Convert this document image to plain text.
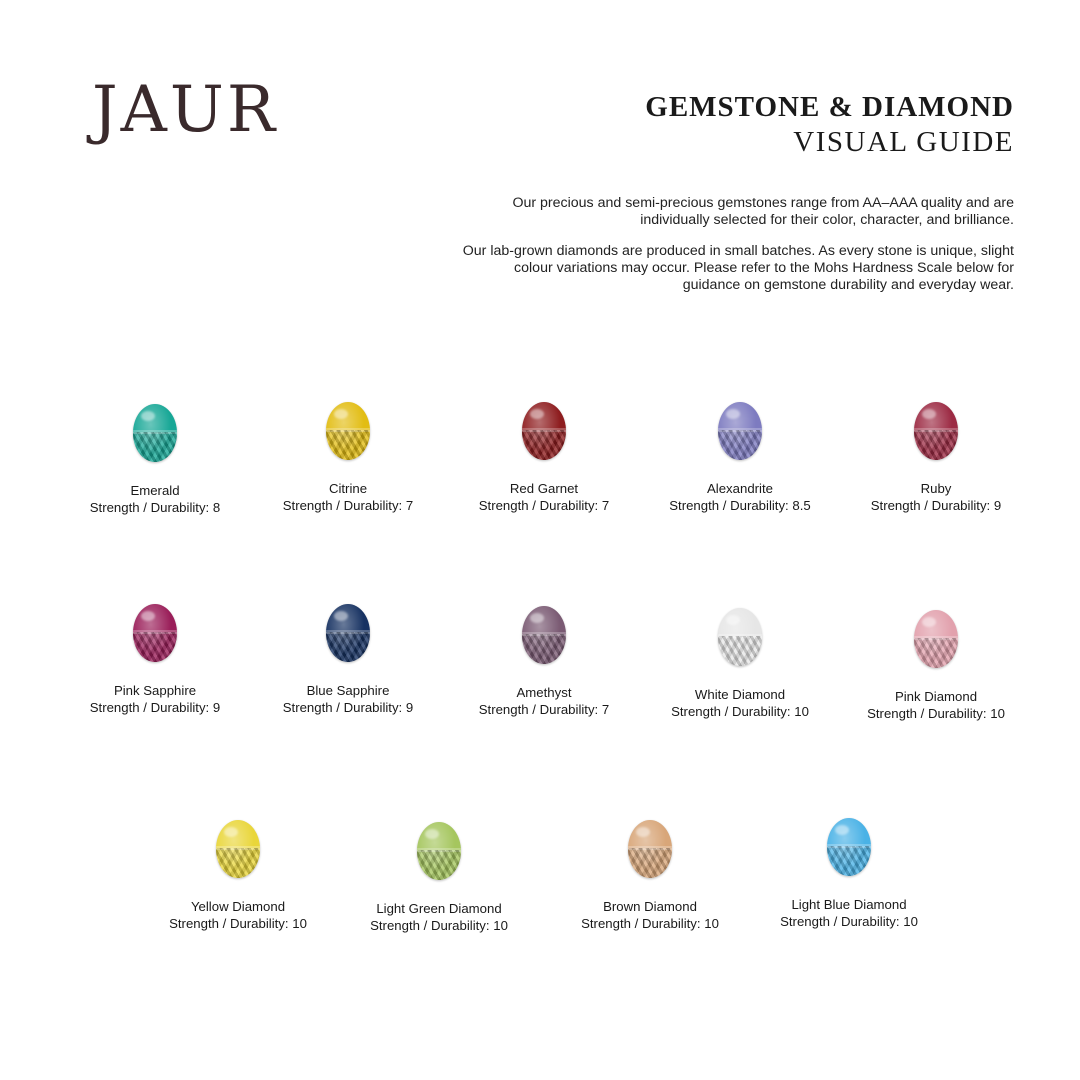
JAUR	GEMSTONE & DIAMOND
VISUAL GUIDE

Our precious and semi-precious gemstones range from AA–AAA quality and are individually selected for their color, character, and brilliance.

Our lab-grown diamonds are produced in small batches. As every stone is unique, slight colour variations may occur. Please refer to the Mohs Hardness Scale below for guidance on gemstone durability and everyday wear.

Emerald
Strength / Durability: 8
Citrine
Strength / Durability: 7
Red Garnet
Strength / Durability: 7
Alexandrite
Strength / Durability: 8.5
Ruby
Strength / Durability: 9
Pink Sapphire
Strength / Durability: 9
Blue Sapphire
Strength / Durability: 9
Amethyst
Strength / Durability: 7
White Diamond
Strength / Durability: 10
Pink Diamond
Strength / Durability: 10
Yellow Diamond
Strength / Durability: 10
Light Green Diamond
Strength / Durability: 10
Brown Diamond
Strength / Durability: 10
Light Blue Diamond
Strength / Durability: 10
